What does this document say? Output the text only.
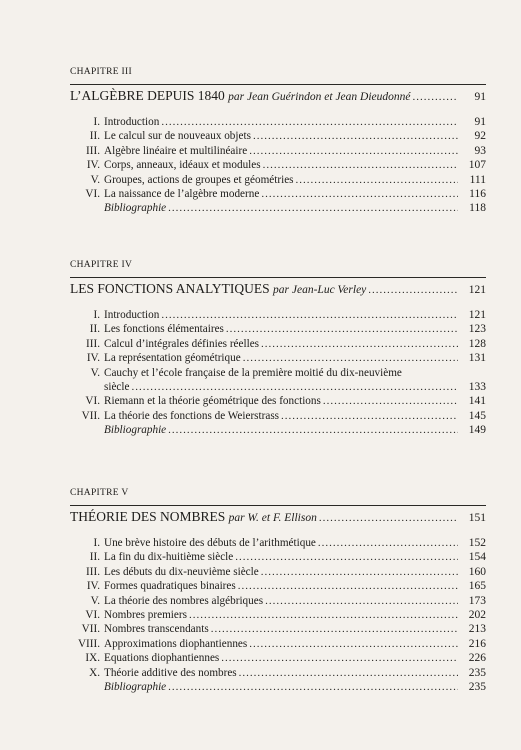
CHAPITRE III
L’ALGÈBRE DEPUIS 1840
par Jean Guérindon et Jean Dieudonné .....	91
I. Introduction .....	91
II. Le calcul sur de nouveaux objets .....	92
III. Algèbre linéaire et multilinéaire .....	93
IV. Corps, anneaux, idéaux et modules .....	107
V. Groupes, actions de groupes et géométries .....	111
VI. La naissance de l’algèbre moderne .....	116
Bibliographie .....	118
CHAPITRE IV
LES FONCTIONS ANALYTIQUES
par Jean-Luc Verley .....	121
I. Introduction .....	121
II. Les fonctions élémentaires .....	123
III. Calcul d’intégrales définies réelles .....	128
IV. La représentation géométrique .....	131
V. Cauchy et l’école française de la première moitié du dix-neuvième
siècle .....	133
VI. Riemann et la théorie géométrique des fonctions .....	141
VII. La théorie des fonctions de Weierstrass .....	145
Bibliographie .....	149
CHAPITRE V
THÉORIE DES NOMBRES
par W. et F. Ellison .....	151
I. Une brève histoire des débuts de l’arithmétique .....	152
II. La fin du dix-huitième siècle .....	154
III. Les débuts du dix-neuvième siècle .....	160
IV. Formes quadratiques binaires .....	165
V. La théorie des nombres algébriques .....	173
VI. Nombres premiers .....	202
VII. Nombres transcendants .....	213
VIII. Approximations diophantiennes .....	216
IX. Equations diophantiennes .....	226
X. Théorie additive des nombres .....	235
Bibliographie .....	235
